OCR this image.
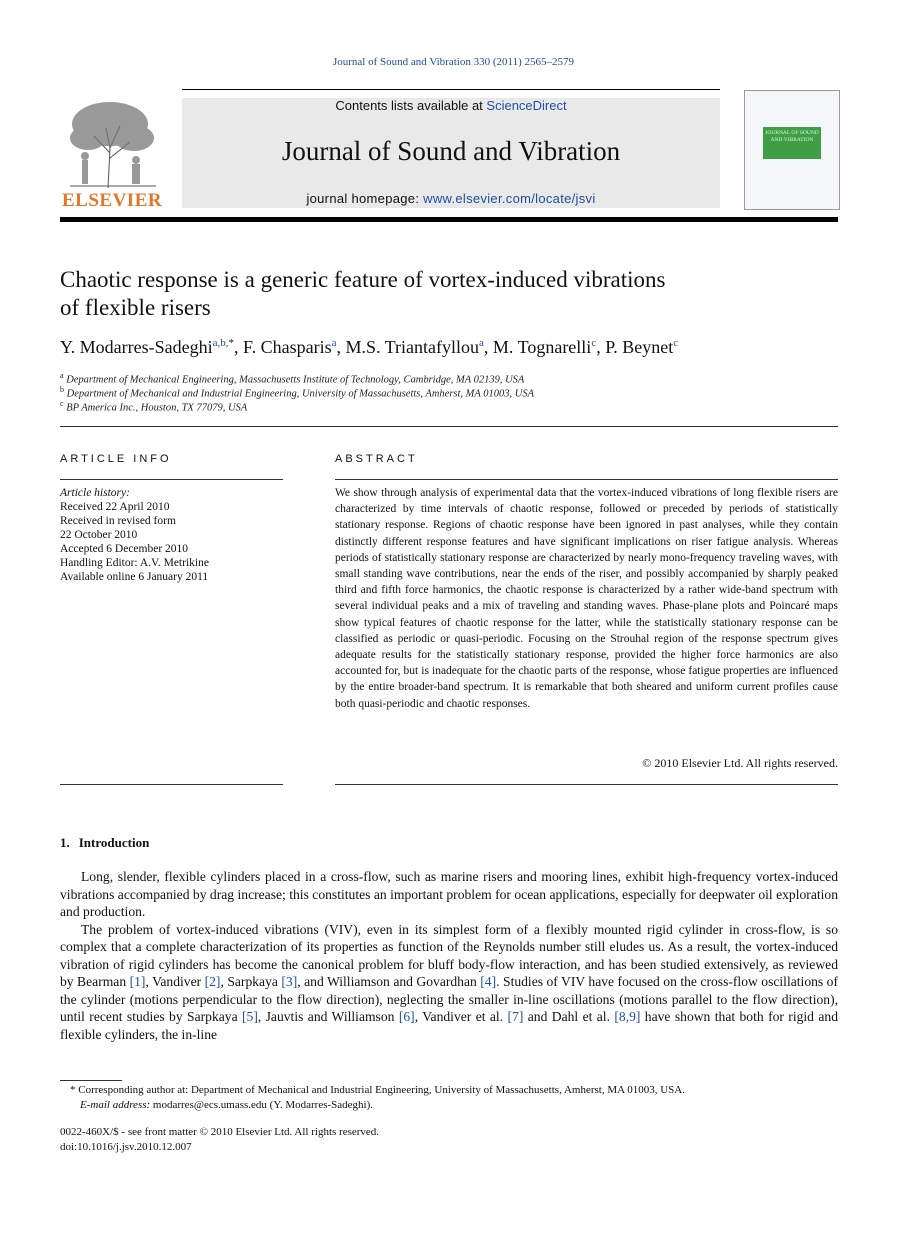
Journal of Sound and Vibration 330 (2011) 2565–2579
ELSEVIER
Contents lists available at ScienceDirect
Journal of Sound and Vibration
journal homepage: www.elsevier.com/locate/jsvi
JOURNAL OF SOUND AND VIBRATION
Chaotic response is a generic feature of vortex-induced vibrations
of flexible risers
Y. Modarres-Sadeghi$^{a,b,*}$, F. Chasparis$^a$, M.S. Triantafyllou$^a$, M. Tognarelli$^c$, P. Beynet$^c$
$^a$ Department of Mechanical Engineering, Massachusetts Institute of Technology, Cambridge, MA 02139, USA
$^b$ Department of Mechanical and Industrial Engineering, University of Massachusetts, Amherst, MA 01003, USA
$^c$ BP America Inc., Houston, TX 77079, USA
ARTICLE INFO
Article history:
Received 22 April 2010
Received in revised form
22 October 2010
Accepted 6 December 2010
Handling Editor: A.V. Metrikine
Available online 6 January 2011
ABSTRACT
We show through analysis of experimental data that the vortex-induced vibrations of long flexible risers are characterized by time intervals of chaotic response, followed or preceded by periods of statistically stationary response. Regions of chaotic response have been ignored in past analyses, while they contain distinctly different response features and have significant implications on riser fatigue analysis. Whereas periods of statistically stationary response are characterized by nearly mono-frequency traveling waves, with small standing wave contributions, near the ends of the riser, and possibly accompanied by sharply peaked third and fifth force harmonics, the chaotic response is characterized by a rather wide-band spectrum with several individual peaks and a mix of traveling and standing waves. Phase-plane plots and Poincaré maps show typical features of chaotic response for the latter, while the statistically stationary response can be classified as periodic or quasi-periodic. Focusing on the Strouhal region of the response spectrum gives adequate results for the statistically stationary response, provided the higher force harmonics are also accounted for, but is inadequate for the chaotic parts of the response, whose fatigue properties are influenced by the entire broader-band spectrum. It is remarkable that both sheared and uniform current profiles cause both quasi-periodic and chaotic responses.
© 2010 Elsevier Ltd. All rights reserved.
1. Introduction

Long, slender, flexible cylinders placed in a cross-flow, such as marine risers and mooring lines, exhibit high-frequency vortex-induced vibrations accompanied by drag increase; this constitutes an important problem for ocean applications, especially for deepwater oil exploration and production.

The problem of vortex-induced vibrations (VIV), even in its simplest form of a flexibly mounted rigid cylinder in cross-flow, is so complex that a complete characterization of its properties as function of the Reynolds number still eludes us. As a result, the vortex-induced vibration of rigid cylinders has become the canonical problem for bluff body-flow interaction, and has been studied extensively, as reviewed by Bearman [1], Vandiver [2], Sarpkaya [3], and Williamson and Govardhan [4]. Studies of VIV have focused on the cross-flow oscillations of the cylinder (motions perpendicular to the flow direction), neglecting the smaller in-line oscillations (motions parallel to the flow direction), until recent studies by Sarpkaya [5], Jauvtis and Williamson [6], Vandiver et al. [7] and Dahl et al. [8,9] have shown that both for rigid and flexible cylinders, the in-line

* Corresponding author at: Department of Mechanical and Industrial Engineering, University of Massachusetts, Amherst, MA 01003, USA.
E-mail address: modarres@ecs.umass.edu (Y. Modarres-Sadeghi).
0022-460X/$ - see front matter © 2010 Elsevier Ltd. All rights reserved.
doi:10.1016/j.jsv.2010.12.007
